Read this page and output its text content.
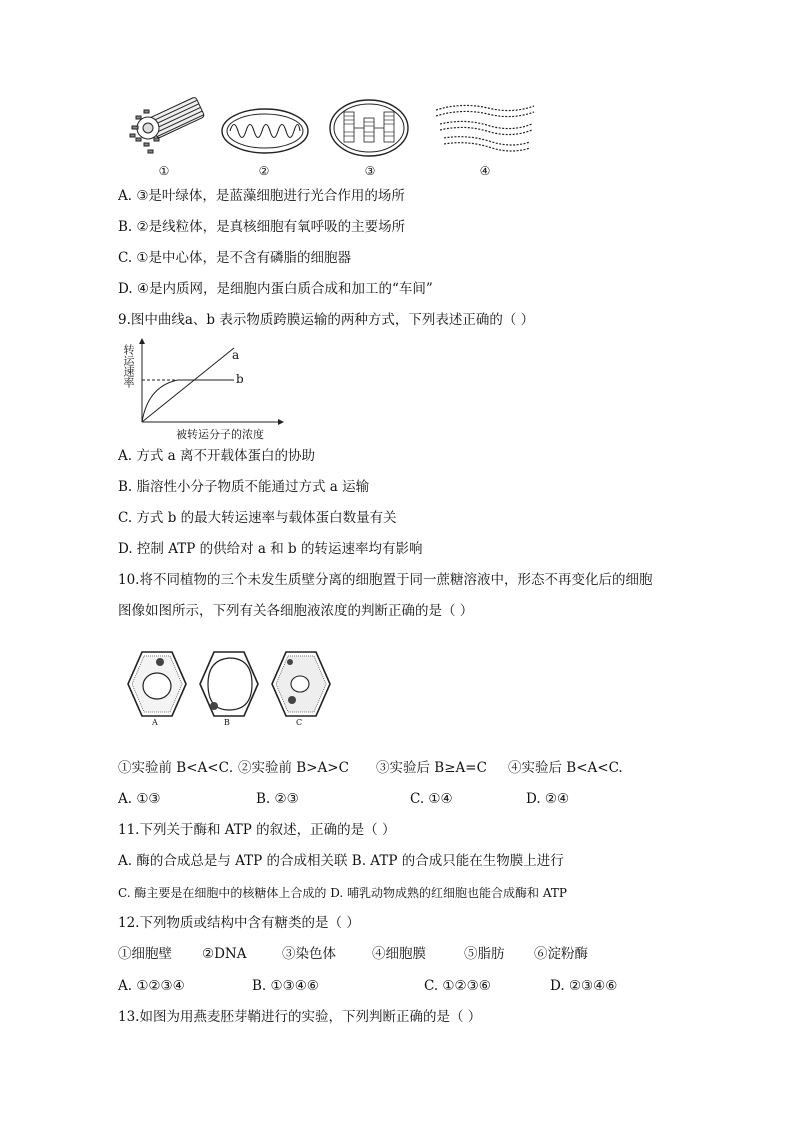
①	②	③	④
A. ③是叶绿体，是蓝藻细胞进行光合作用的场所
B. ②是线粒体，是真核细胞有氧呼吸的主要场所
C. ①是中心体，是不含有磷脂的细胞器
D. ④是内质网，是细胞内蛋白质合成和加工的“车间”
9.图中曲线a、b 表示物质跨膜运输的两种方式，下列表述正确的（ ）
转运速率	a
b
被转运分子的浓度
A. 方式 a 离不开载体蛋白的协助
B. 脂溶性小分子物质不能通过方式 a 运输
C. 方式 b 的最大转运速率与载体蛋白数量有关
D. 控制 ATP 的供给对 a 和 b 的转运速率均有影响
10.将不同植物的三个未发生质壁分离的细胞置于同一蔗糖溶液中，形态不再变化后的细胞
图像如图所示，下列有关各细胞液浓度的判断正确的是（ ）
A	B	C
①实验前 B<A<C．
②实验前 B>A>C ③实验后 B≥A=C ④实验后 B<A<C.
A. ①③	B. ②③	C. ①④	D. ②④
11.下列关于酶和 ATP 的叙述，正确的是（ ）
A. 酶的合成总是与 ATP 的合成相关联 B. ATP 的合成只能在生物膜上进行
C. 酶主要是在细胞中的核糖体上合成的 D. 哺乳动物成熟的红细胞也能合成酶和 ATP
12.下列物质或结构中含有糖类的是（ ）
①细胞壁 ②DNA	③染色体	④细胞膜	⑤脂肪 ⑥淀粉酶
A. ①②③④	B. ①③④⑥	C. ①②③⑥	D. ②③④⑥
13.如图为用燕麦胚芽鞘进行的实验，下列判断正确的是（ ）
